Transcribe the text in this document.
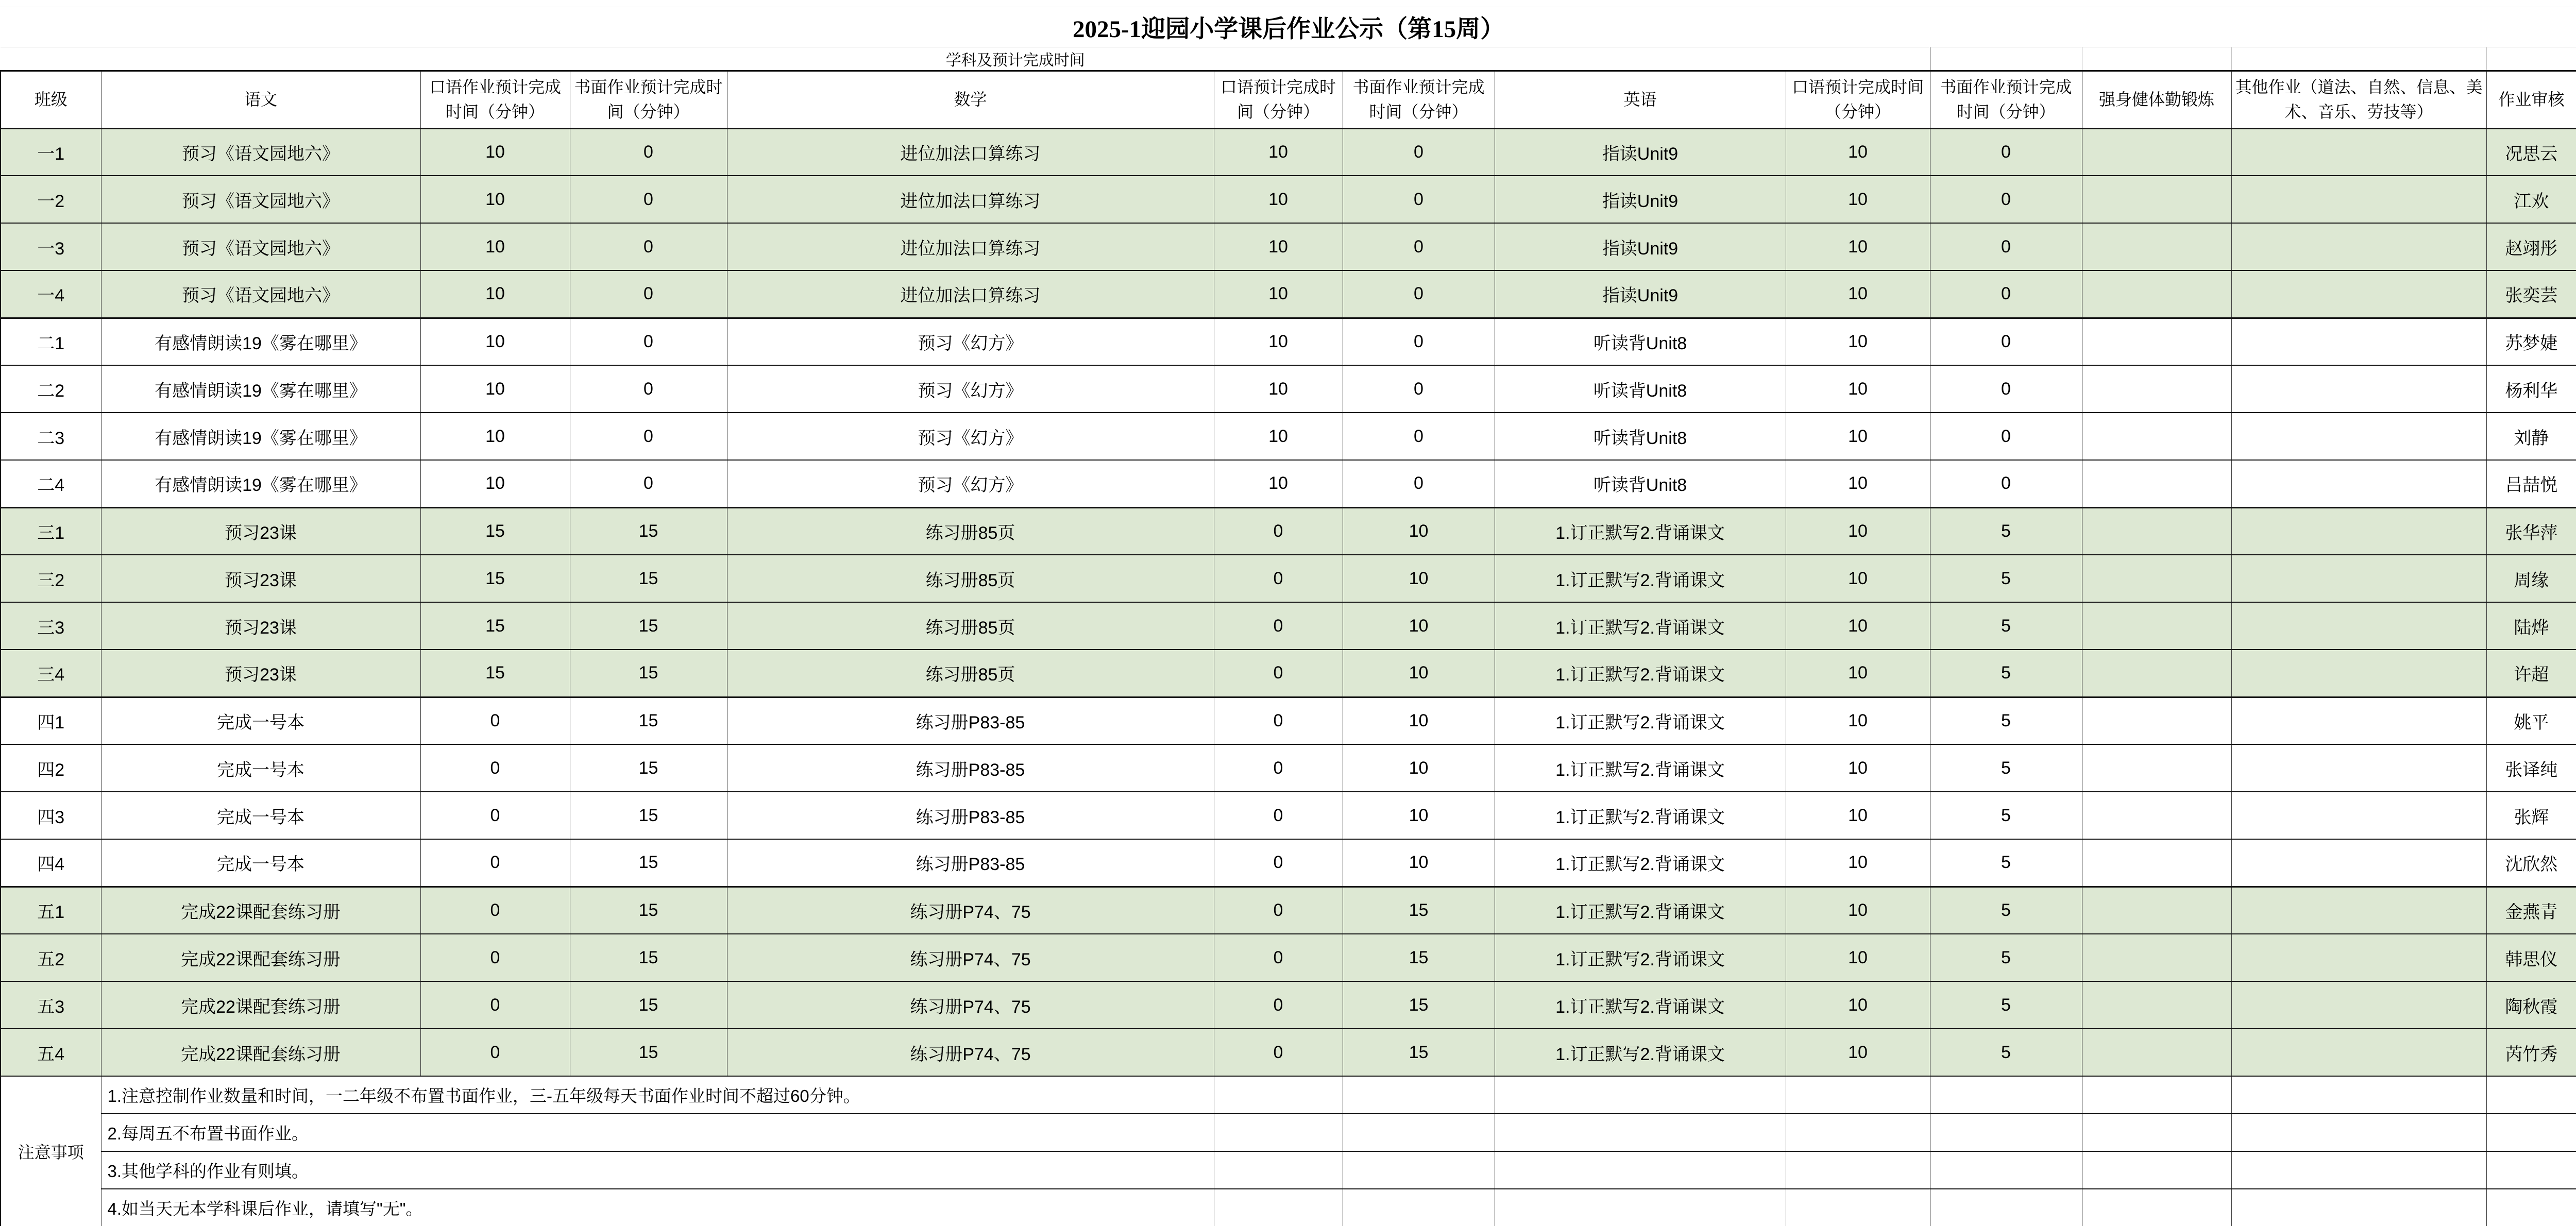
2025-1迎园小学课后作业公示（第15周）												
	学科及预计完成时间											
班级	语文	口语作业预计完成时间（分钟）	书面作业预计完成时间（分钟）	数学	口语预计完成时间（分钟）	书面作业预计完成时间（分钟）	英语	口语预计完成时间（分钟）	书面作业预计完成时间（分钟）	强身健体勤锻炼	其他作业（道法、自然、信息、美术、音乐、劳技等）	作业审核
一1	预习《语文园地六》	10	0	进位加法口算练习	10	0	指读Unit9	10	0			况思云
一2	预习《语文园地六》	10	0	进位加法口算练习	10	0	指读Unit9	10	0			江欢
一3	预习《语文园地六》	10	0	进位加法口算练习	10	0	指读Unit9	10	0			赵翊彤
一4	预习《语文园地六》	10	0	进位加法口算练习	10	0	指读Unit9	10	0			张奕芸
二1	有感情朗读19《雾在哪里》	10	0	预习《幻方》	10	0	听读背Unit8	10	0			苏梦婕
二2	有感情朗读19《雾在哪里》	10	0	预习《幻方》	10	0	听读背Unit8	10	0			杨利华
二3	有感情朗读19《雾在哪里》	10	0	预习《幻方》	10	0	听读背Unit8	10	0			刘静
二4	有感情朗读19《雾在哪里》	10	0	预习《幻方》	10	0	听读背Unit8	10	0			吕喆悦
三1	预习23课	15	15	练习册85页	0	10	1.订正默写2.背诵课文	10	5			张华萍
三2	预习23课	15	15	练习册85页	0	10	1.订正默写2.背诵课文	10	5			周缘
三3	预习23课	15	15	练习册85页	0	10	1.订正默写2.背诵课文	10	5			陆烨
三4	预习23课	15	15	练习册85页	0	10	1.订正默写2.背诵课文	10	5			许超
四1	完成一号本	0	15	练习册P83-85	0	10	1.订正默写2.背诵课文	10	5			姚平
四2	完成一号本	0	15	练习册P83-85	0	10	1.订正默写2.背诵课文	10	5			张译纯
四3	完成一号本	0	15	练习册P83-85	0	10	1.订正默写2.背诵课文	10	5			张辉
四4	完成一号本	0	15	练习册P83-85	0	10	1.订正默写2.背诵课文	10	5			沈欣然
五1	完成22课配套练习册	0	15	练习册P74、75	0	15	1.订正默写2.背诵课文	10	5			金燕青
五2	完成22课配套练习册	0	15	练习册P74、75	0	15	1.订正默写2.背诵课文	10	5			韩思仪
五3	完成22课配套练习册	0	15	练习册P74、75	0	15	1.订正默写2.背诵课文	10	5			陶秋霞
五4	完成22课配套练习册	0	15	练习册P74、75	0	15	1.订正默写2.背诵课文	10	5			芮竹秀
注意事项	1.注意控制作业数量和时间，一二年级不布置书面作业，三-五年级每天书面作业时间不超过60分钟。											
	2.每周五不布置书面作业。											
	3.其他学科的作业有则填。											
	4.如当天无本学科课后作业，请填写"无"。											
